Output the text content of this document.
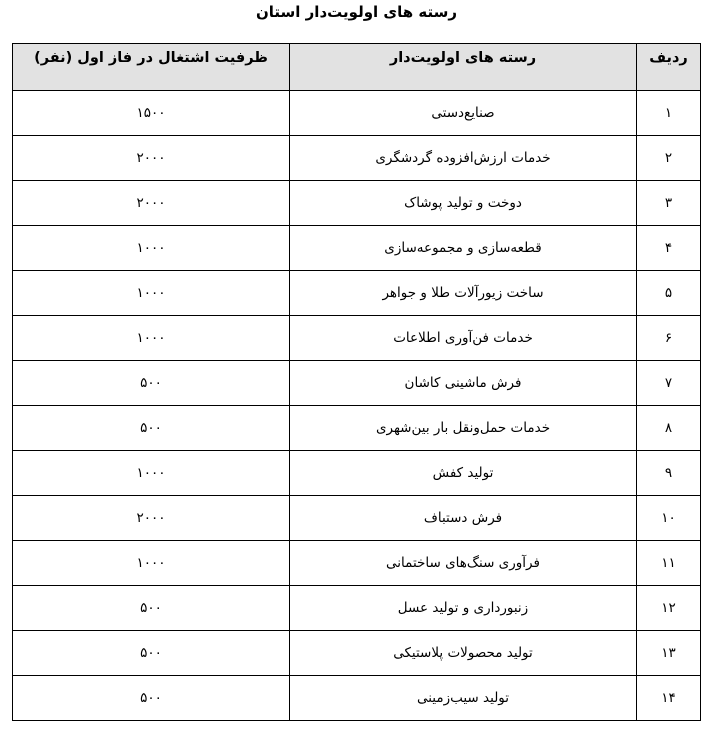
رسته های اولویت‌دار استان
ردیف	رسته های اولویت‌دار	ظرفیت اشتغال در فاز اول (نفر)
۱	صنایع‌دستی	۱۵۰۰
۲	خدمات ارزش‌افزوده گردشگری	۲۰۰۰
۳	دوخت و تولید پوشاک	۲۰۰۰
۴	قطعه‌سازی و مجموعه‌سازی	۱۰۰۰
۵	ساخت زیورآلات طلا و جواهر	۱۰۰۰
۶	خدمات فن‌آوری اطلاعات	۱۰۰۰
۷	فرش ماشینی کاشان	۵۰۰
۸	خدمات حمل‌ونقل بار بین‌شهری	۵۰۰
۹	تولید کفش	۱۰۰۰
۱۰	فرش دستباف	۲۰۰۰
۱۱	فرآوری سنگ‌های ساختمانی	۱۰۰۰
۱۲	زنبورداری و تولید عسل	۵۰۰
۱۳	تولید محصولات پلاستیکی	۵۰۰
۱۴	تولید سیب‌زمینی	۵۰۰
